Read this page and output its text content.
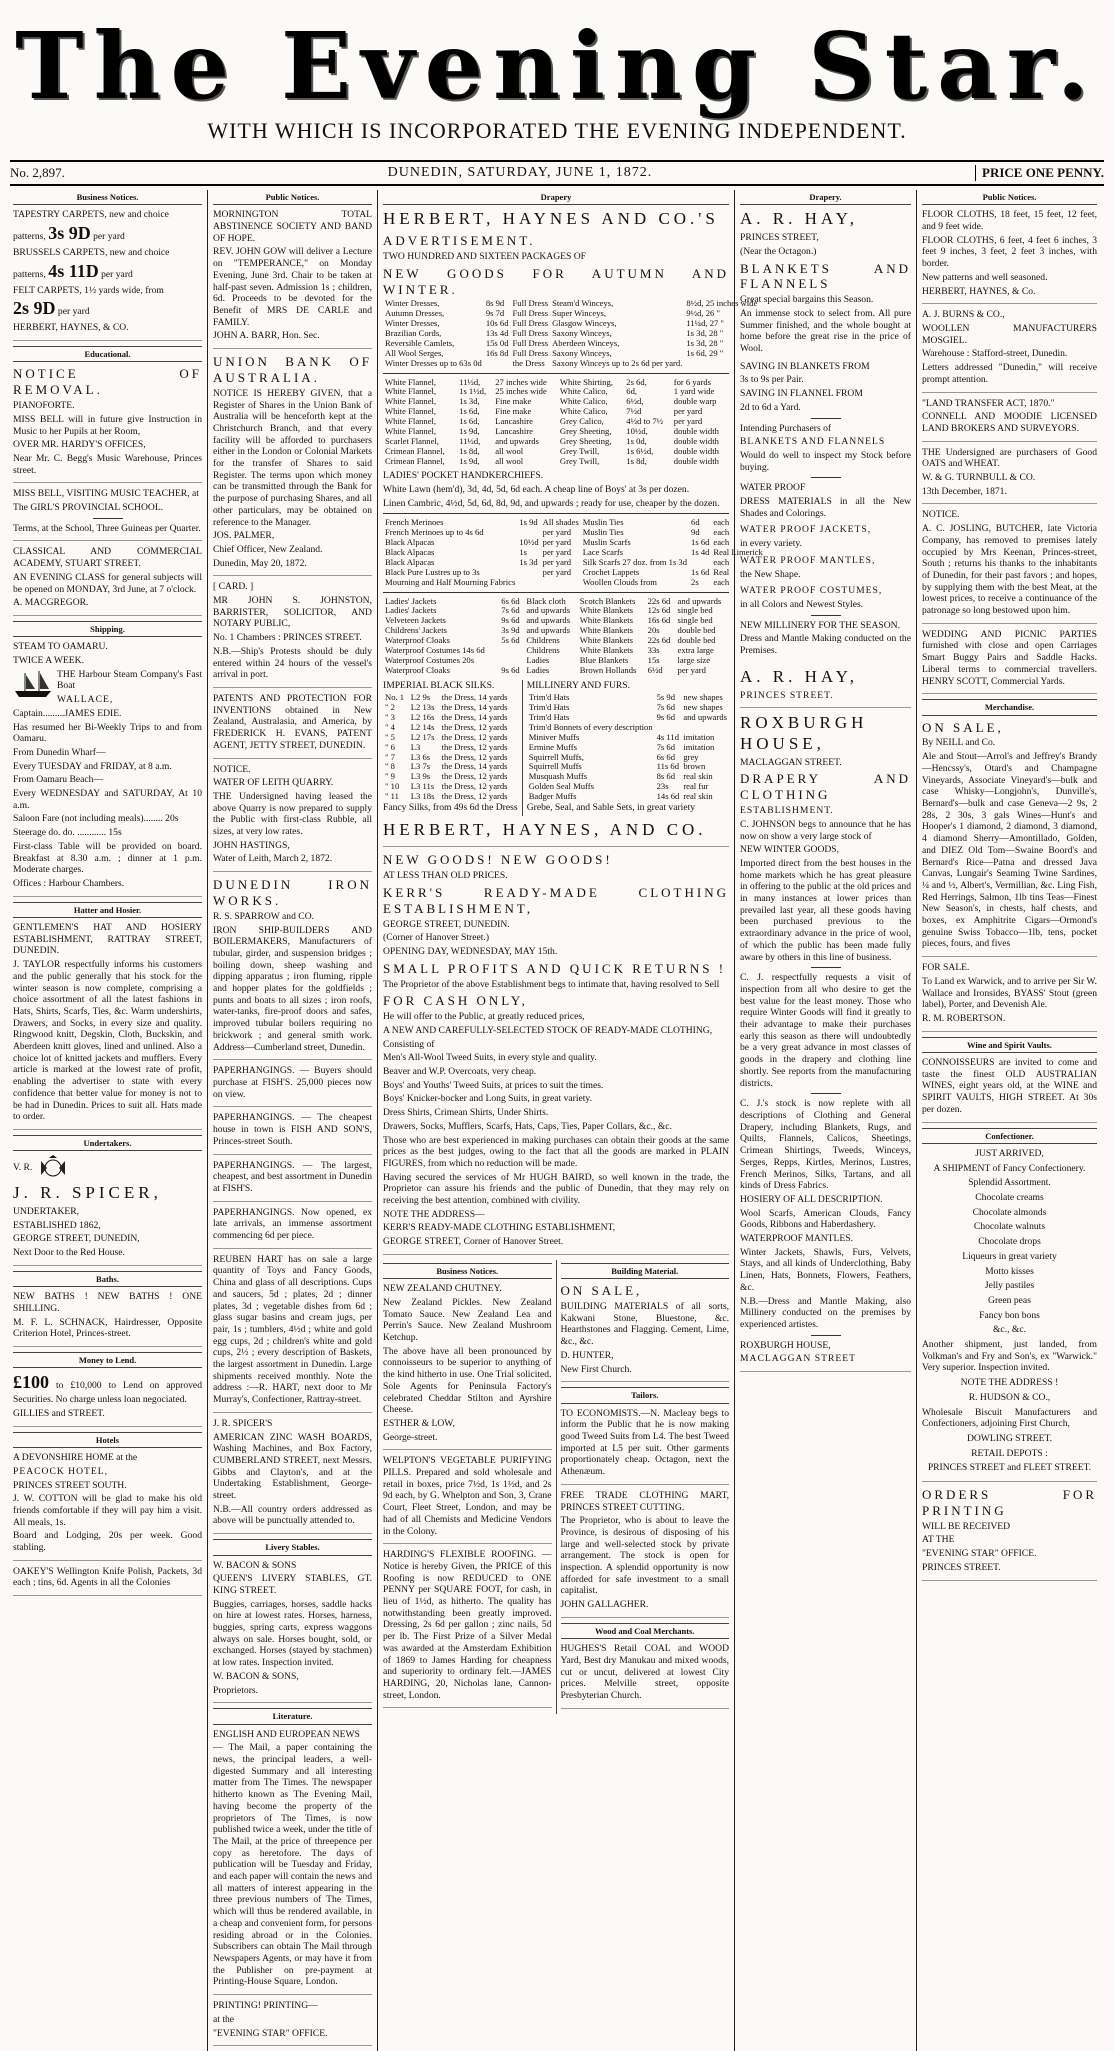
The Evening Star.
WITH WHICH IS INCORPORATED THE EVENING INDEPENDENT.
No. 2,897.	DUNEDIN, SATURDAY, JUNE 1, 1872.	PRICE ONE PENNY.
Business Notices.

TAPESTRY CARPETS, new and choice

patterns, 3s 9D per yard

BRUSSELS CARPETS, new and choice

patterns, 4s 11D per yard

FELT CARPETS, 1½ yards wide, from

2s 9D per yard

HERBERT, HAYNES, & CO.

Educational.

NOTICE OF REMOVAL.

PIANOFORTE.

MISS BELL will in future give Instruction in Music to her Pupils at her Room,

OVER MR. HARDY'S OFFICES,

Near Mr. C. Begg's Music Warehouse, Princes street.

MISS BELL, VISITING MUSIC TEACHER, at

The GIRL'S PROVINCIAL SCHOOL.

Terms, at the School, Three Guineas per Quarter.

CLASSICAL AND COMMERCIAL ACADEMY, STUART STREET.

AN EVENING CLASS for general subjects will be opened on MONDAY, 3rd June, at 7 o'clock.

A. MACGREGOR.

Shipping.

STEAM TO OAMARU.

TWICE A WEEK.

THE Harbour Steam Company's Fast Boat

WALLACE,

Captain.........JAMES EDIE.

Has resumed her Bi-Weekly Trips to and from Oamaru.

From Dunedin Wharf—

Every TUESDAY and FRIDAY, at 8 a.m.

From Oamaru Beach—

Every WEDNESDAY and SATURDAY, At 10 a.m.

Saloon Fare (not including meals)........ 20s

Steerage do. do. ............ 15s

First-class Table will be provided on board. Breakfast at 8.30 a.m. ; dinner at 1 p.m. Moderate charges.

Offices : Harbour Chambers.

Hatter and Hosier.

GENTLEMEN'S HAT AND HOSIERY ESTABLISHMENT, RATTRAY STREET, DUNEDIN.

J. TAYLOR respectfully informs his customers and the public generally that his stock for the winter season is now complete, comprising a choice assortment of all the latest fashions in Hats, Shirts, Scarfs, Ties, &c. Warm undershirts, Drawers, and Socks, in every size and quality. Ringwood knitt, Degskin, Cloth, Buckskin, and Aberdeen knitt gloves, lined and unlined. Also a choice lot of knitted jackets and mufflers. Every article is marked at the lowest rate of profit, enabling the advertiser to state with every confidence that better value for money is not to be had in Dunedin. Prices to suit all. Hats made to order.

Undertakers.

V. R.

J. R. SPICER,

UNDERTAKER,

ESTABLISHED 1862,

GEORGE STREET, DUNEDIN,

Next Door to the Red House.

Baths.

NEW BATHS ! NEW BATHS ! ONE SHILLING.

M. F. L. SCHNACK, Hairdresser, Opposite Criterion Hotel, Princes-street.

Money to Lend.

£100 to £10,000 to Lend on approved Securities. No charge unless loan negociated.

GILLIES and STREET.

Hotels

A DEVONSHIRE HOME at the

PEACOCK HOTEL,

PRINCES STREET SOUTH.

J. W. COTTON will be glad to make his old friends comfortable if they will pay him a visit. All meals, 1s.

Board and Lodging, 20s per week. Good stabling.

OAKEY'S Wellington Knife Polish, Packets, 3d each ; tins, 6d. Agents in all the Colonies

Public Notices.

MORNINGTON TOTAL ABSTINENCE SOCIETY AND BAND OF HOPE.

REV. JOHN GOW will deliver a Lecture on "TEMPERANCE," on Monday Evening, June 3rd. Chair to be taken at half-past seven. Admission 1s ; children, 6d. Proceeds to be devoted for the Benefit of MRS DE CARLE and FAMILY.

JOHN A. BARR, Hon. Sec.

UNION BANK OF AUSTRALIA.

NOTICE IS HEREBY GIVEN, that a Register of Shares in the Union Bank of Australia will be henceforth kept at the Christchurch Branch, and that every facility will be afforded to purchasers either in the London or Colonial Markets for the transfer of Shares to said Register. The terms upon which money can be transmitted through the Bank for the purpose of purchasing Shares, and all other particulars, may be obtained on reference to the Manager.

JOS. PALMER,

Chief Officer, New Zealand.

Dunedin, May 20, 1872.

[ CARD. ]

MR JOHN S. JOHNSTON, BARRISTER, SOLICITOR, AND NOTARY PUBLIC,

No. 1 Chambers : PRINCES STREET.

N.B.—Ship's Protests should be duly entered within 24 hours of the vessel's arrival in port.

PATENTS AND PROTECTION FOR INVENTIONS obtained in New Zealand, Australasia, and America, by FREDERICK H. EVANS, PATENT AGENT, JETTY STREET, DUNEDIN.

NOTICE.

WATER OF LEITH QUARRY.

THE Undersigned having leased the above Quarry is now prepared to supply the Public with first-class Rubble, all sizes, at very low rates.

JOHN HASTINGS,

Water of Leith, March 2, 1872.

DUNEDIN IRON WORKS.

R. S. SPARROW and CO.

IRON SHIP-BUILDERS AND BOILERMAKERS, Manufacturers of tubular, girder, and suspension bridges ; boiling down, sheep washing and dipping apparatus ; iron fluming, ripple and hopper plates for the goldfields ; punts and boats to all sizes ; iron roofs, water-tanks, fire-proof doors and safes, improved tubular boilers requiring no brickwork ; and general smith work. Address—Cumberland street, Dunedin.

PAPERHANGINGS. — Buyers should purchase at FISH'S. 25,000 pieces now on view.

PAPERHANGINGS. — The cheapest house in town is FISH AND SON'S, Princes-street South.

PAPERHANGINGS. — The largest, cheapest, and best assortment in Dunedin at FISH'S.

PAPERHANGINGS. Now opened, ex late arrivals, an immense assortment commencing 6d per piece.

REUBEN HART has on sale a large quantity of Toys and Fancy Goods, China and glass of all descriptions. Cups and saucers, 5d ; plates, 2d ; dinner plates, 3d ; vegetable dishes from 6d ; glass sugar basins and cream jugs, per pair, 1s ; tumblers, 4½d ; white and gold egg cups, 2d ; children's white and gold cups, 2½ ; every description of Baskets, the largest assortment in Dunedin. Large shipments received monthly. Note the address :—R. HART, next door to Mr Murray's, Confectioner, Rattray-street.

J. R. SPICER'S

AMERICAN ZINC WASH BOARDS, Washing Machines, and Box Factory, CUMBERLAND STREET, next Messrs. Gibbs and Clayton's, and at the Undertaking Establishment, George-street.

N.B.—All country orders addressed as above will be punctually attended to.

Livery Stables.

W. BACON & SONS

QUEEN'S LIVERY STABLES, GT. KING STREET.

Buggies, carriages, horses, saddle hacks on hire at lowest rates. Horses, harness, buggies, spring carts, express waggons always on sale. Horses bought, sold, or exchanged. Horses (stayed by stachmen) at low rates. Inspection invited.

W. BACON & SONS,

Proprietors.

Literature.

ENGLISH AND EUROPEAN NEWS

— The Mail, a paper containing the news, the principal leaders, a well-digested Summary and all interesting matter from The Times. The newspaper hitherto known as The Evening Mail, having become the property of the proprietors of The Times, is now published twice a week, under the title of The Mail, at the price of threepence per copy as heretofore. The days of publication will be Tuesday and Friday, and each paper will contain the news and all matters of interest appearing in the three previous numbers of The Times, which will thus be rendered available, in a cheap and convenient form, for persons residing abroad or in the Colonies. Subscribers can obtain The Mail through Newspapers Agents, or may have it from the Publisher on pre-payment at Printing-House Square, London.

PRINTING! PRINTING—

at the

"EVENING STAR" OFFICE.

Drapery

HERBERT, HAYNES AND CO.'S

ADVERTISEMENT.

TWO HUNDRED AND SIXTEEN PACKAGES OF

NEW GOODS FOR AUTUMN AND WINTER.

Winter Dresses,	8s 9d	Full Dress	Steam'd Winceys,	8½d, 25 inches wide
Autumn Dresses,	9s 7d	Full Dress	Super Winceys,	9½d, 26 "
Winter Dresses,	10s 6d	Full Dress	Glasgow Winceys,	11¼d, 27 "
Brazilian Cords,	13s 4d	Full Dress	Saxony Winceys,	1s 3d, 28 "
Reversible Camlets,	15s 0d	Full Dress	Aberdeen Winceys,	1s 3d, 28 "
All Wool Serges,	16s 8d	Full Dress	Saxony Winceys,	1s 6d, 29 "
Winter Dresses up to 63s 0d		the Dress	Saxony Winceys up to 2s 6d per yard.	
White Flannel,	11½d,	27 inches wide	White Shirting,	2s 6d,	for 6 yards
White Flannel,	1s 1½d,	25 inches wide	White Calico,	6d,	1 yard wide
White Flannel,	1s 3d,	Fine make	White Calico,	6½d,	double warp
White Flannel,	1s 6d,	Fine make	White Calico,	7½d	per yard
White Flannel,	1s 6d,	Lancashire	Grey Calico,	4½d to 7½	per yard
White Flannel,	1s 9d,	Lancashire	Grey Sheeting,	10½d,	double width
Scarlet Flannel,	11½d,	and upwards	Grey Sheeting,	1s 0d,	double width
Crimean Flannel,	1s 8d,	all wool	Grey Twill,	1s 6½d,	double width
Crimean Flannel,	1s 9d,	all wool	Grey Twill,	1s 8d,	double width

LADIES' POCKET HANDKERCHIEFS.

White Lawn (hem'd), 3d, 4d, 5d, 6d each. A cheap line of Boys' at 3s per dozen.

Linen Cambric, 4½d, 5d, 6d, 8d, 9d, and upwards ; ready for use, cheaper by the dozen.

French Merinoes	1s 9d	All shades	Muslin Ties	6d	each
French Merinoes up to 4s 6d		per yard	Muslin Ties	9d	each
Black Alpacas	10½d	per yard	Muslin Scarfs	1s 6d	each
Black Alpacas	1s	per yard	Lace Scarfs	1s 4d	Real Limerick
Black Alpacas	1s 3d	per yard	Silk Scarfs 27 doz. from 1s 3d		each
Black Pure Lustres up to 3s		per yard	Crochet Lappets	1s 6d	Real
Mourning and Half Mourning Fabrics			Woollen Clouds from	2s	each
Ladies' Jackets	6s 6d	Black cloth	Scotch Blankets	22s 6d	and upwards
Ladies' Jackets	7s 6d	and upwards	White Blankets	12s 6d	single bed
Velveteen Jackets	9s 6d	and upwards	White Blankets	16s 6d	single bed
Childrens' Jackets	3s 9d	and upwards	White Blankets	20s	double bed
Waterproof Cloaks	5s 6d	Childrens	White Blankets	22s 6d	double bed
Waterproof Costumes 14s 6d		Childrens	White Blankets	33s	extra large
Waterproof Costumes 20s		Ladies	Blue Blankets	15s	large size
Waterproof Cloaks	9s 6d	Ladies	Brown Hollands	6½d	per yard

IMPERIAL BLACK SILKS.

No. 1	L2 9s	the Dress, 14 yards
" 2	L2 13s	the Dress, 14 yards
" 3	L2 16s	the Dress, 14 yards
" 4	L2 14s	the Dress, 12 yards
" 5	L2 17s	the Dress, 12 yards
" 6	L3	the Dress, 12 yards
" 7	L3 6s	the Dress, 12 yards
" 8	L3 7s	the Dress, 14 yards
" 9	L3 9s	the Dress, 12 yards
" 10	L3 11s	the Dress, 12 yards
" 11	L3 18s	the Dress, 12 yards

Fancy Silks, from 49s 6d the Dress

MILLINERY AND FURS.

Trim'd Hats	5s 9d	new shapes
Trim'd Hats	7s 6d	new shapes
Trim'd Hats	9s 6d	and upwards
Trim'd Bonnets of every description		
Miniver Muffs	4s 11d	imitation
Ermine Muffs	7s 6d	imitation
Squirrell Muffs,	6s 6d	grey
Squirrell Muffs	11s 6d	brown
Musquash Muffs	8s 6d	real skin
Golden Seal Muffs	23s	real fur
Badger Muffs	14s 6d	real skin

Grebe, Seal, and Sable Sets, in great variety

HERBERT, HAYNES, AND CO.

NEW GOODS! NEW GOODS!

AT LESS THAN OLD PRICES.

KERR'S READY-MADE CLOTHING ESTABLISHMENT,

GEORGE STREET, DUNEDIN.

(Corner of Hanover Street.)

OPENING DAY, WEDNESDAY, MAY 15th.

SMALL PROFITS AND QUICK RETURNS !

The Proprietor of the above Establishment begs to intimate that, having resolved to Sell

FOR CASH ONLY,

He will offer to the Public, at greatly reduced prices,

A NEW AND CAREFULLY-SELECTED STOCK OF READY-MADE CLOTHING,

Consisting of

Men's All-Wool Tweed Suits, in every style and quality.

Beaver and W.P. Overcoats, very cheap.

Boys' and Youths' Tweed Suits, at prices to suit the times.

Boys' Knicker-bocker and Long Suits, in great variety.

Dress Shirts, Crimean Shirts, Under Shirts.

Drawers, Socks, Mufflers, Scarfs, Hats, Caps, Ties, Paper Collars, &c., &c.

Those who are best experienced in making purchases can obtain their goods at the same prices as the best judges, owing to the fact that all the goods are marked in PLAIN FIGURES, from which no reduction will be made.

Having secured the services of Mr HUGH BAIRD, so well known in the trade, the Proprietor can assure his friends and the public of Dunedin, that they may rely on receiving the best attention, combined with civility.

NOTE THE ADDRESS—

KERR'S READY-MADE CLOTHING ESTABLISHMENT,

GEORGE STREET, Corner of Hanover Street.

Business Notices.

NEW ZEALAND CHUTNEY.

New Zealand Pickles. New Zealand Tomato Sauce. New Zealand Lea and Perrin's Sauce. New Zealand Mushroom Ketchup.

The above have all been pronounced by connoisseurs to be superior to anything of the kind hitherto in use. One Trial solicited. Sole Agents for Peninsula Factory's celebrated Cheddar Stilton and Ayrshire Cheese.

ESTHER & LOW,

George-street.

WELPTON'S VEGETABLE PURIFYING PILLS. Prepared and sold wholesale and retail in boxes, price 7½d, 1s 1½d, and 2s 9d each, by G. Whelpton and Son, 3, Crane Court, Fleet Street, London, and may be had of all Chemists and Medicine Vendors in the Colony.

HARDING'S FLEXIBLE ROOFING. —Notice is hereby Given, the PRICE of this Roofing is now REDUCED to ONE PENNY per SQUARE FOOT, for cash, in lieu of 1½d, as hitherto. The quality has notwithstanding been greatly improved. Dressing, 2s 6d per gallon ; zinc nails, 5d per lb. The First Prize of a Silver Medal was awarded at the Amsterdam Exhibition of 1869 to James Harding for cheapness and superiority to ordinary felt.—JAMES HARDING, 20, Nicholas lane, Cannon-street, London.

Building Material.

ON SALE,

BUILDING MATERIALS of all sorts, Kakwani Stone, Bluestone, &c. Hearthstones and Flagging. Cement, Lime, &c., &c.

D. HUNTER,

New First Church.

Tailors.

TO ECONOMISTS.—N. Macleay begs to inform the Public that he is now making good Tweed Suits from L4. The best Tweed imported at L5 per suit. Other garments proportionately cheap. Octagon, next the Athenæum.

FREE TRADE CLOTHING MART, PRINCES STREET CUTTING.

The Proprietor, who is about to leave the Province, is desirous of disposing of his large and well-selected stock by private arrangement. The stock is open for inspection. A splendid opportunity is now afforded for safe investment to a small capitalist.

JOHN GALLAGHER.

Wood and Coal Merchants.

HUGHES'S Retail COAL and WOOD Yard, Best dry Manukau and mixed woods, cut or uncut, delivered at lowest City prices. Melville street, opposite Presbyterian Church.

Drapery.

A. R. HAY,

PRINCES STREET,

(Near the Octagon.)

BLANKETS AND FLANNELS

Great special bargains this Season.

An immense stock to select from. All pure Summer finished, and the whole bought at home before the great rise in the price of Wool.

SAVING IN BLANKETS FROM

3s to 9s per Pair.

SAVING IN FLANNEL FROM

2d to 6d a Yard.

Intending Purchasers of

BLANKETS AND FLANNELS

Would do well to inspect my Stock before buying.

WATER PROOF

DRESS MATERIALS in all the New Shades and Colorings.

WATER PROOF JACKETS,

in every variety.

WATER PROOF MANTLES,

the New Shape.

WATER PROOF COSTUMES,

in all Colors and Newest Styles.

NEW MILLINERY FOR THE SEASON.

Dress and Mantle Making conducted on the Premises.

A. R. HAY,

PRINCES STREET.

ROXBURGH HOUSE,

MACLAGGAN STREET.

DRAPERY AND CLOTHING

ESTABLISHMENT.

C. JOHNSON begs to announce that he has now on show a very large stock of

NEW WINTER GOODS,

Imported direct from the best houses in the home markets which he has great pleasure in offering to the public at the old prices and in many instances at lower prices than prevailed last year, all these goods having been purchased previous to the extraordinary advance in the price of wool, of which the public has been made fully aware by others in this line of business.

C. J. respectfully requests a visit of inspection from all who desire to get the best value for the least money. Those who require Winter Goods will find it greatly to their advantage to make their purchases early this season as there will undoubtedly be a very great advance in most classes of goods in the drapery and clothing line shortly. See reports from the manufacturing districts.

C. J.'s stock is now replete with all descriptions of Clothing and General Drapery, including Blankets, Rugs, and Quilts, Flannels, Calicos, Sheetings, Crimean Shirtings, Tweeds, Winceys, Serges, Repps, Kirtles, Merinos, Lustres, French Merinos, Silks, Tartans, and all kinds of Dress Fabrics.

HOSIERY OF ALL DESCRIPTION.

Wool Scarfs, American Clouds, Fancy Goods, Ribbons and Haberdashery.

WATERPROOF MANTLES.

Winter Jackets, Shawls, Furs, Velvets, Stays, and all kinds of Underclothing, Baby Linen, Hats, Bonnets, Flowers, Feathers, &c.

N.B.—Dress and Mantle Making, also Millinery conducted on the premises by experienced artistes.

ROXBURGH HOUSE,

MACLAGGAN STREET

Public Notices.

FLOOR CLOTHS, 18 feet, 15 feet, 12 feet, and 9 feet wide.

FLOOR CLOTHS, 6 feet, 4 feet 6 inches, 3 feet 9 inches, 3 feet, 2 feet 3 inches, with border.

New patterns and well seasoned.

HERBERT, HAYNES, & Co.

A. J. BURNS & CO.,

WOOLLEN MANUFACTURERS MOSGIEL.

Warehouse : Stafford-street, Dunedin.

Letters addressed "Dunedin," will receive prompt attention.

"LAND TRANSFER ACT, 1870."

CONNELL AND MOODIE LICENSED LAND BROKERS AND SURVEYORS.

THE Undersigned are purchasers of Good OATS and WHEAT.

W. & G. TURNBULL & CO.

13th December, 1871.

NOTICE.

A. C. JOSLING, BUTCHER, late Victoria Company, has removed to premises lately occupied by Mrs Keenan, Princes-street, South ; returns his thanks to the inhabitants of Dunedin, for their past favors ; and hopes, by supplying them with the best Meat, at the lowest prices, to receive a continuance of the patronage so long bestowed upon him.

WEDDING AND PICNIC PARTIES furnished with close and open Carriages Smart Buggy Pairs and Saddle Hacks. Liberal terms to commercial travellers. HENRY SCOTT, Commercial Yards.

Merchandise.

ON SALE,

By NEILL and Co.

Ale and Stout—Arrol's and Jeffrey's Brandy—Hencssy's, Otard's and Champagne Vineyards, Associate Vineyard's—bulk and case Whisky—Longjohn's, Dunville's, Bernard's—bulk and case Geneva—2 9s, 2 28s, 2 30s, 3 gals Wines—Hunt's and Hooper's 1 diamond, 2 diamond, 3 diamond, 4 diamond Sherry—Amontillado, Golden, and DIEZ Old Tom—Swaine Boord's and Bernard's Rice—Patna and dressed Java Canvas, Lungair's Seaming Twine Sardines, ¼ and ½, Albert's, Vermillian, &c. Ling Fish, Red Herrings, Salmon, 1lb tins Teas—Finest New Season's, in chests, half chests, and boxes, ex Amphitrite Cigars—Ormond's genuine Swiss Tobacco—1lb, tens, pocket pieces, fours, and fives

FOR SALE.

To Land ex Warwick, and to arrive per Sir W. Wallace and Ironsides, BYASS' Stout (green label), Porter, and Devenish Ale.

R. M. ROBERTSON.

Wine and Spirit Vaults.

CONNOISSEURS are invited to come and taste the finest OLD AUSTRALIAN WINES, eight years old, at the WINE and SPIRIT VAULTS, HIGH STREET. At 30s per dozen.

Confectioner.

JUST ARRIVED,

A SHIPMENT of Fancy Confectionery.

Splendid Assortment.

Chocolate creams

Chocolate almonds

Chocolate walnuts

Chocolate drops

Liqueurs in great variety

Motto kisses

Jelly pastiles

Green peas

Fancy bon bons

&c., &c.

Another shipment, just landed, from Volkman's and Fry and Son's, ex "Warwick." Very superior. Inspection invited.

NOTE THE ADDRESS !

R. HUDSON & CO.,

Wholesale Biscuit Manufacturers and Confectioners, adjoining First Church,

DOWLING STREET.

RETAIL DEPOTS :

PRINCES STREET and FLEET STREET.

ORDERS FOR PRINTING

WILL BE RECEIVED

AT THE

"EVENING STAR" OFFICE.

PRINCES STREET.
